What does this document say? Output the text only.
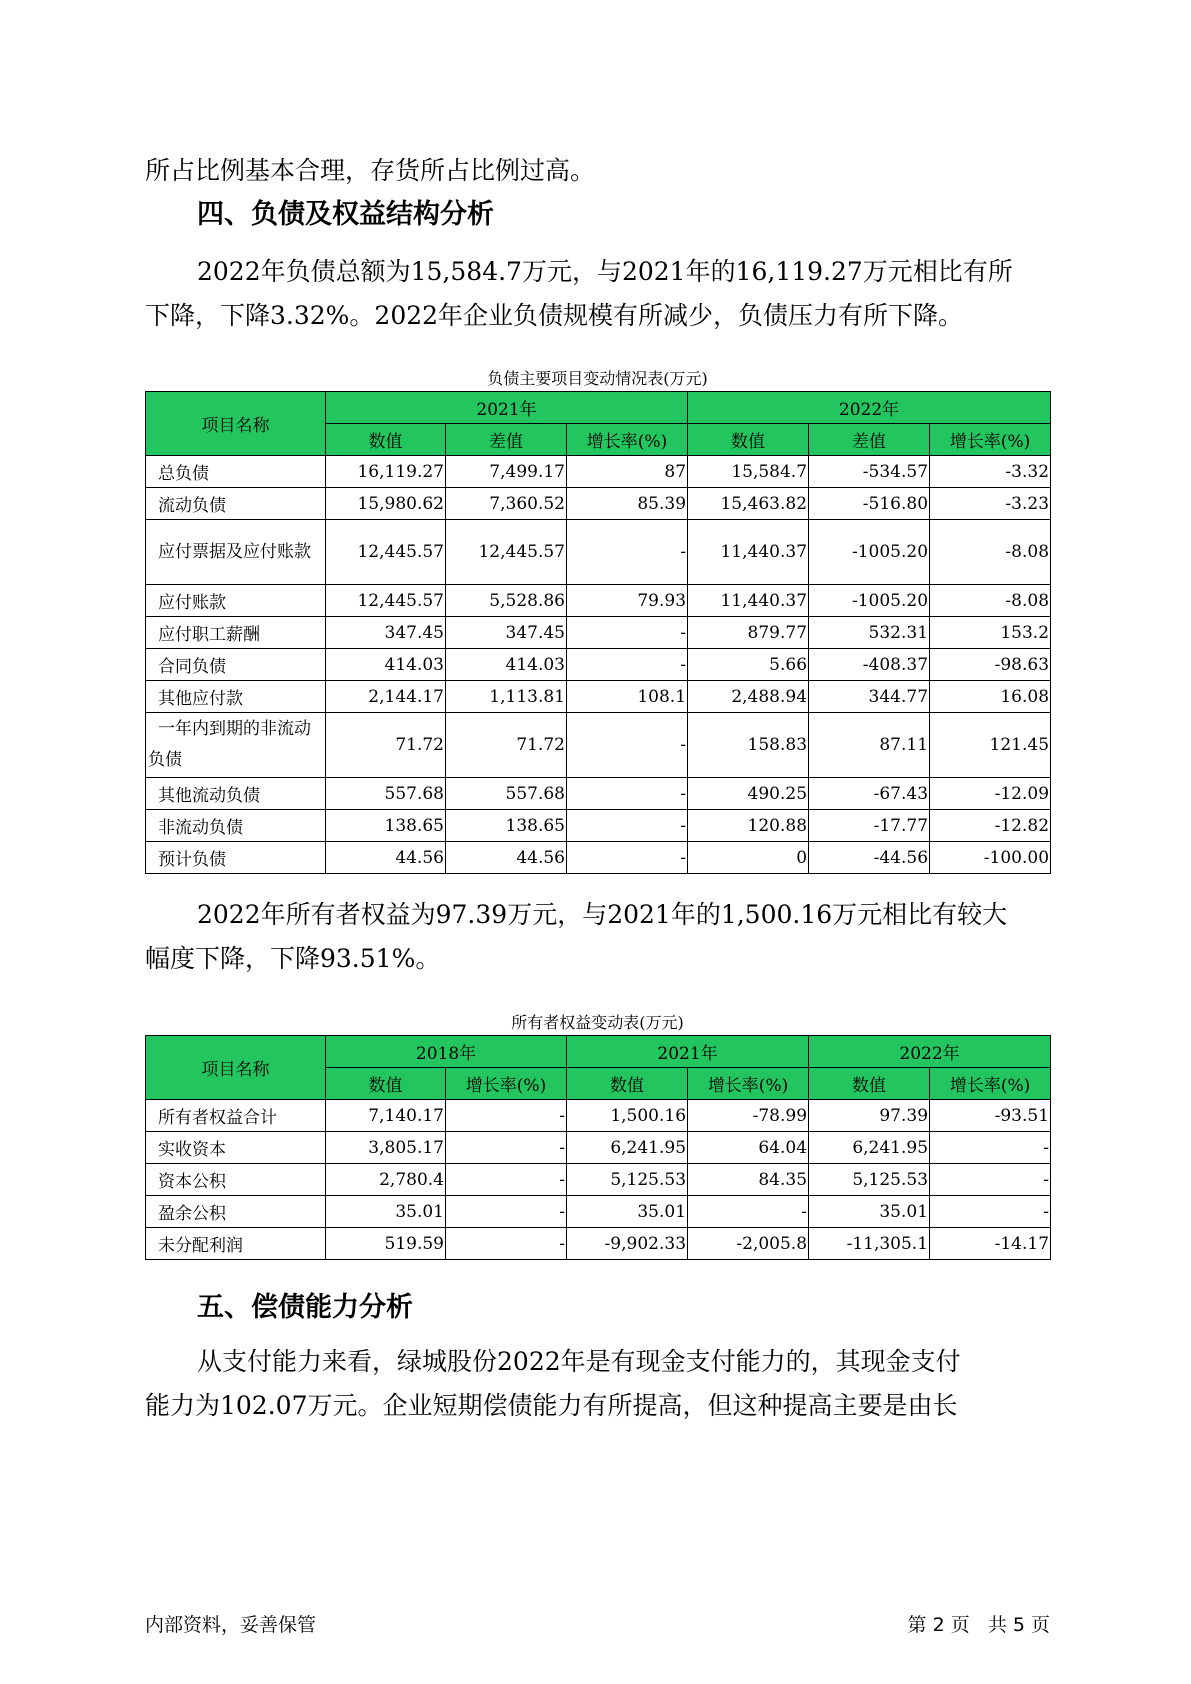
所占比例基本合理，存货所占比例过高。

四、负债及权益结构分析

2022年负债总额为15,584.7万元，与2021年的16,119.27万元相比有所
下降，下降3.32%。2022年企业负债规模有所减少，负债压力有所下降。

负债主要项目变动情况表(万元)

项目名称	2021年			2022年		
	数值	差值	增长率(%)	数值	差值	增长率(%)
总负债	16,119.27	7,499.17	87	15,584.7	-534.57	-3.32
流动负债	15,980.62	7,360.52	85.39	15,463.82	-516.80	-3.23
应付票据及应付账款	12,445.57	12,445.57	-	11,440.37	-1005.20	-8.08
应付账款	12,445.57	5,528.86	79.93	11,440.37	-1005.20	-8.08
应付职工薪酬	347.45	347.45	-	879.77	532.31	153.2
合同负债	414.03	414.03	-	5.66	-408.37	-98.63
其他应付款	2,144.17	1,113.81	108.1	2,488.94	344.77	16.08
一年内到期的非流动负债	71.72	71.72	-	158.83	87.11	121.45
其他流动负债	557.68	557.68	-	490.25	-67.43	-12.09
非流动负债	138.65	138.65	-	120.88	-17.77	-12.82
预计负债	44.56	44.56	-	0	-44.56	-100.00

2022年所有者权益为97.39万元，与2021年的1,500.16万元相比有较大
幅度下降，下降93.51%。

所有者权益变动表(万元)

项目名称	2018年		2021年		2022年	
	数值	增长率(%)	数值	增长率(%)	数值	增长率(%)
所有者权益合计	7,140.17	-	1,500.16	-78.99	97.39	-93.51
实收资本	3,805.17	-	6,241.95	64.04	6,241.95	-
资本公积	2,780.4	-	5,125.53	84.35	5,125.53	-
盈余公积	35.01	-	35.01	-	35.01	-
未分配利润	519.59	-	-9,902.33	-2,005.8	-11,305.1	-14.17
五、偿债能力分析

从支付能力来看，绿城股份2022年是有现金支付能力的，其现金支付
能力为102.07万元。企业短期偿债能力有所提高，但这种提高主要是由长

内部资料，妥善保管	第 2 页   共 5 页
